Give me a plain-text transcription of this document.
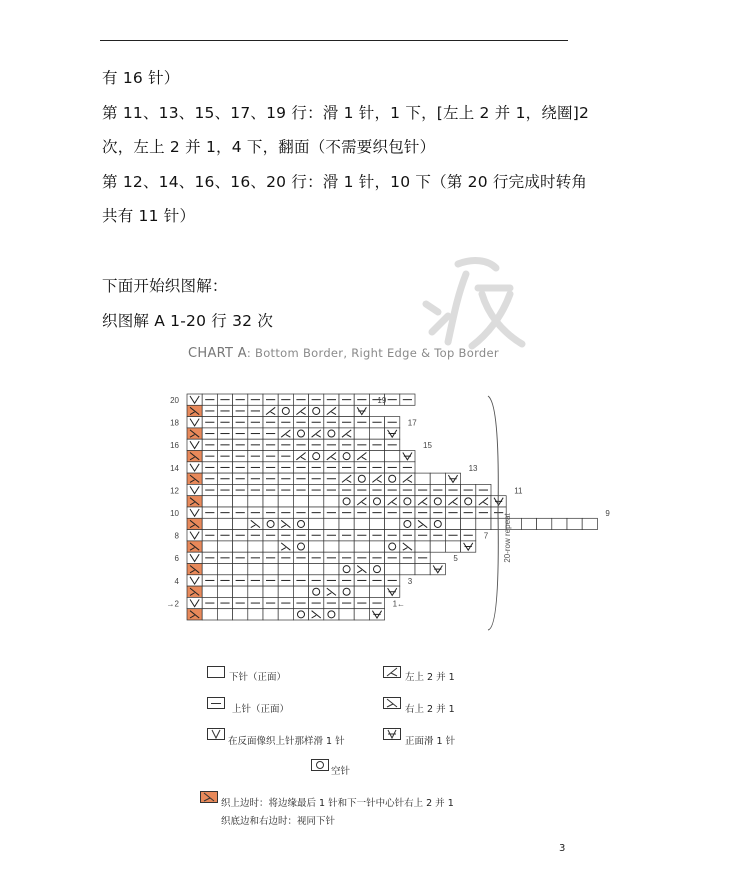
有 16 针）
第 11、13、15、17、19 行：滑 1 针，1 下，[左上 2 并 1，绕圈]2
次，左上 2 并 1，4 下，翻面（不需要织包针）
第 12、14、16、16、20 行：滑 1 针，10 下（第 20 行完成时转角
共有 11 针）
下面开始织图解：
织图解 A 1-20 行 32 次
CHART A: Bottom Border, Right Edge & Top Border
20
18
16
14
12
10
8
6
4
→2
19
17
15
13
11
9
7
5
3
1←
20-row repeat
下针（正面）
上针（正面）
在反面像织上针那样滑 1 针
左上 2 并 1
右上 2 并 1
正面滑 1 针
空针
织上边时：将边缘最后 1 针和下一针中心针右上 2 并 1
织底边和右边时：视同下针
3
